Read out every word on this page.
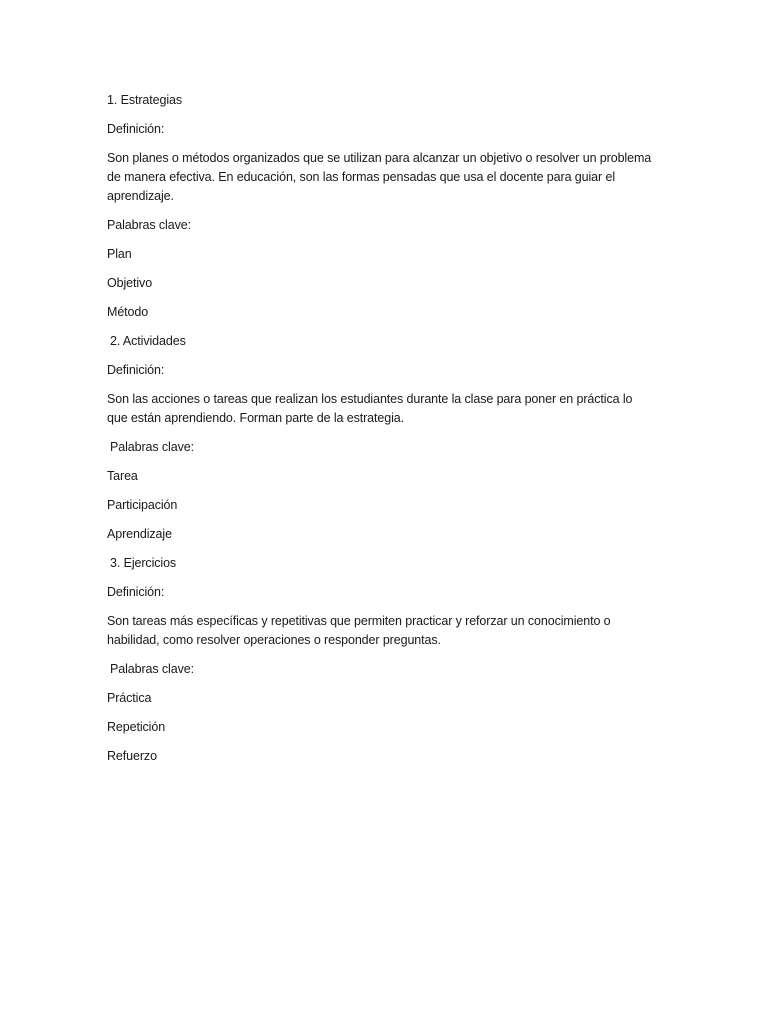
1. Estrategias

Definición:

Son planes o métodos organizados que se utilizan para alcanzar un objetivo o resolver un problema de manera efectiva. En educación, son las formas pensadas que usa el docente para guiar el aprendizaje.

Palabras clave:

Plan

Objetivo

Método

2. Actividades

Definición:

Son las acciones o tareas que realizan los estudiantes durante la clase para poner en práctica lo que están aprendiendo. Forman parte de la estrategia.

Palabras clave:

Tarea

Participación

Aprendizaje

3. Ejercicios

Definición:

Son tareas más específicas y repetitivas que permiten practicar y reforzar un conocimiento o habilidad, como resolver operaciones o responder preguntas.

Palabras clave:

Práctica

Repetición

Refuerzo
